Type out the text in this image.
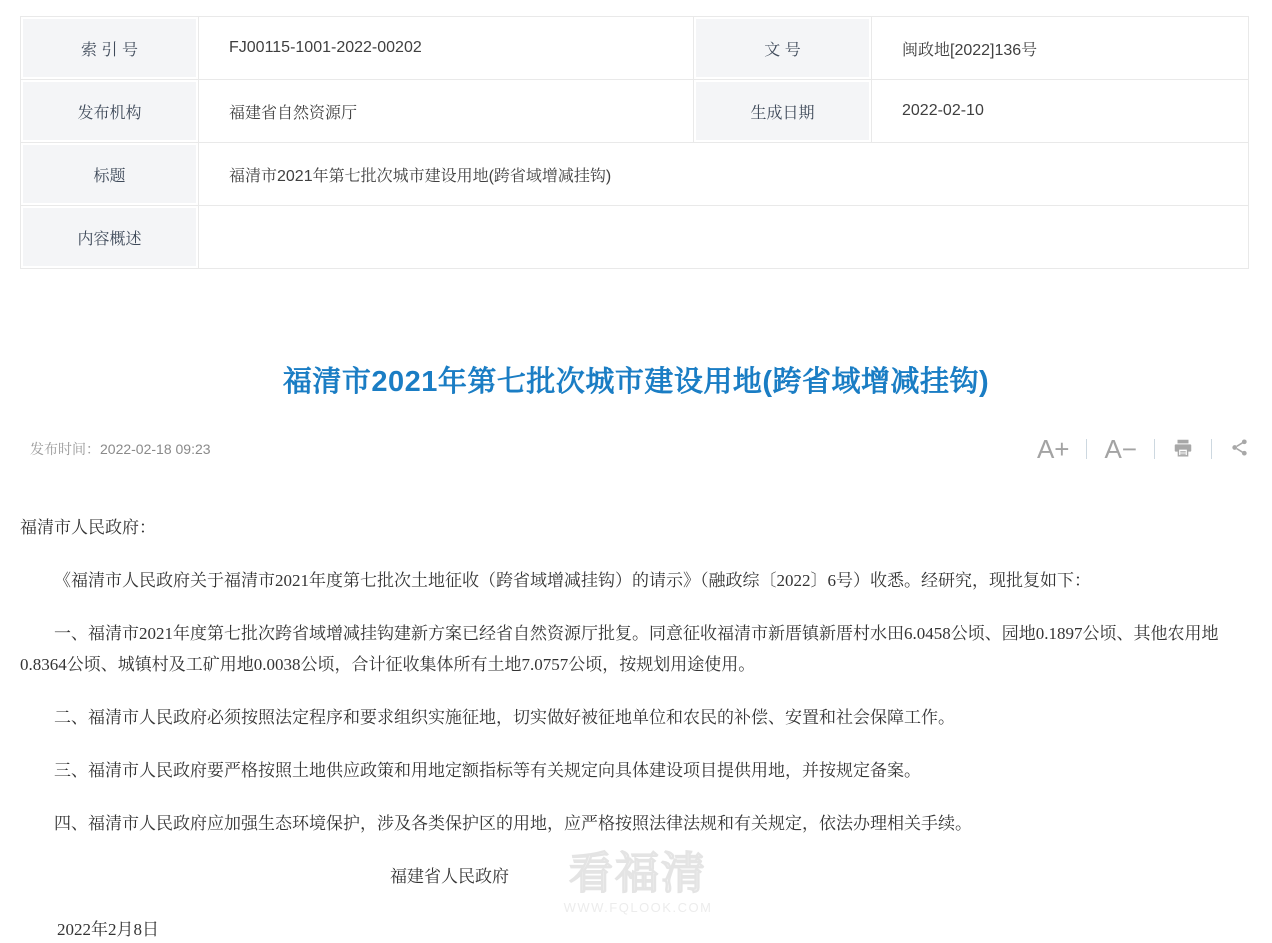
索 引 号	FJ00115-1001-2022-00202	文 号	闽政地[2022]136号
发布机构	福建省自然资源厅	生成日期	2022-02-10
标题	福清市2021年第七批次城市建设用地(跨省域增减挂钩)
内容概述
福清市2021年第七批次城市建设用地(跨省域增减挂钩)
发布时间：2022-02-18 09:23	A+ A−

福清市人民政府：

《福清市人民政府关于福清市2021年度第七批次土地征收（跨省域增减挂钩）的请示》（融政综〔2022〕6号）收悉。经研究，现批复如下：

一、福清市2021年度第七批次跨省域增减挂钩建新方案已经省自然资源厅批复。同意征收福清市新厝镇新厝村水田6.0458公顷、园地0.1897公顷、其他农用地0.8364公顷、城镇村及工矿用地0.0038公顷，合计征收集体所有土地7.0757公顷，按规划用途使用。

二、福清市人民政府必须按照法定程序和要求组织实施征地，切实做好被征地单位和农民的补偿、安置和社会保障工作。

三、福清市人民政府要严格按照土地供应政策和用地定额指标等有关规定向具体建设项目提供用地，并按规定备案。

四、福清市人民政府应加强生态环境保护，涉及各类保护区的用地，应严格按照法律法规和有关规定，依法办理相关手续。

福建省人民政府

2022年2月8日

看福清
WWW.FQLOOK.COM
